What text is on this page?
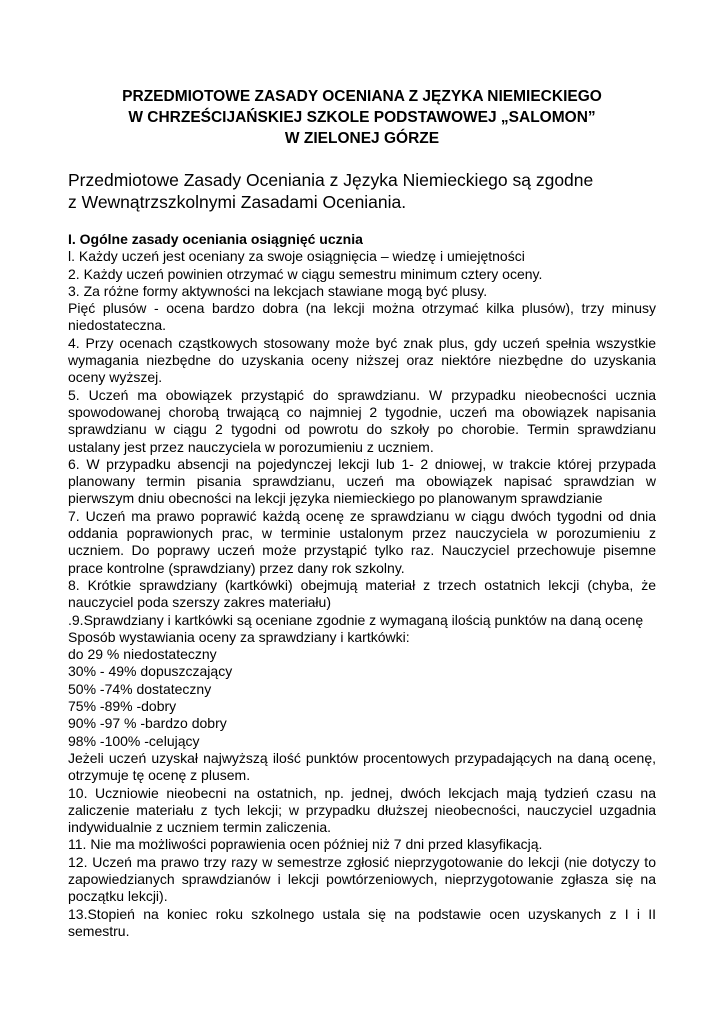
PRZEDMIOTOWE ZASADY OCENIANA Z JĘZYKA NIEMIECKIEGO
W CHRZEŚCIJAŃSKIEJ SZKOLE PODSTAWOWEJ „SALOMON”
W ZIELONEJ GÓRZE
Przedmiotowe Zasady Oceniania z Języka Niemieckiego są zgodne
z Wewnątrzszkolnymi Zasadami Oceniania.
I. Ogólne zasady oceniania osiągnięć ucznia

l. Każdy uczeń jest oceniany za swoje osiągnięcia – wiedzę i umiejętności

2. Każdy uczeń powinien otrzymać w ciągu semestru minimum cztery oceny.

3. Za różne formy aktywności na lekcjach stawiane mogą być plusy.

Pięć plusów - ocena bardzo dobra (na lekcji można otrzymać kilka plusów), trzy minusy niedostateczna.

4. Przy ocenach cząstkowych stosowany może być znak plus, gdy uczeń spełnia wszystkie wymagania niezbędne do uzyskania oceny niższej oraz niektóre niezbędne do uzyskania oceny wyższej.

5. Uczeń ma obowiązek przystąpić do sprawdzianu. W przypadku nieobecności ucznia spowodowanej chorobą trwającą co najmniej 2 tygodnie, uczeń ma obowiązek napisania sprawdzianu w ciągu 2 tygodni od powrotu do szkoły po chorobie. Termin sprawdzianu ustalany jest przez nauczyciela w porozumieniu z uczniem.

6. W przypadku absencji na pojedynczej lekcji lub 1- 2 dniowej, w trakcie której przypada planowany termin pisania sprawdzianu, uczeń ma obowiązek napisać sprawdzian w pierwszym dniu obecności na lekcji języka niemieckiego po planowanym sprawdzianie

7. Uczeń ma prawo poprawić każdą ocenę ze sprawdzianu w ciągu dwóch tygodni od dnia oddania poprawionych prac, w terminie ustalonym przez nauczyciela w porozumieniu z uczniem. Do poprawy uczeń może przystąpić tylko raz. Nauczyciel przechowuje pisemne prace kontrolne (sprawdziany) przez dany rok szkolny.

8. Krótkie sprawdziany (kartkówki) obejmują materiał z trzech ostatnich lekcji (chyba, że nauczyciel poda szerszy zakres materiału)

.9.Sprawdziany i kartkówki są oceniane zgodnie z wymaganą ilością punktów na daną ocenę

Sposób wystawiania oceny za sprawdziany i kartkówki:

do 29 % niedostateczny

30% - 49% dopuszczający

50% -74% dostateczny

75% -89% -dobry

90% -97 % -bardzo dobry

98% -100% -celujący

Jeżeli uczeń uzyskał najwyższą ilość punktów procentowych przypadających na daną ocenę, otrzymuje tę ocenę z plusem.

10. Uczniowie nieobecni na ostatnich, np. jednej, dwóch lekcjach mają tydzień czasu na zaliczenie materiału z tych lekcji; w przypadku dłuższej nieobecności, nauczyciel uzgadnia indywidualnie z uczniem termin zaliczenia.

11. Nie ma możliwości poprawienia ocen później niż 7 dni przed klasyfikacją.

12. Uczeń ma prawo trzy razy w semestrze zgłosić nieprzygotowanie do lekcji (nie dotyczy to zapowiedzianych sprawdzianów i lekcji powtórzeniowych, nieprzygotowanie zgłasza się na początku lekcji).

13.Stopień na koniec roku szkolnego ustala się na podstawie ocen uzyskanych z I i II semestru.
